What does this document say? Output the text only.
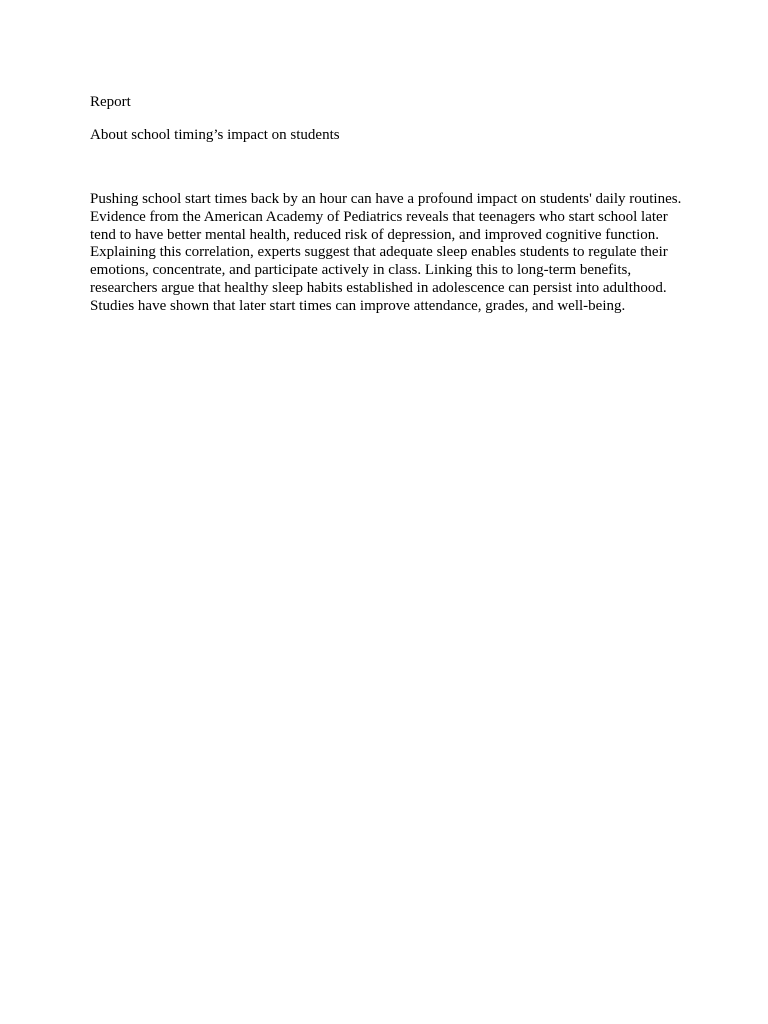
Report

About school timing’s impact on students

Pushing school start times back by an hour can have a profound impact on students' daily routines. Evidence from the American Academy of Pediatrics reveals that teenagers who start school later tend to have better mental health, reduced risk of depression, and improved cognitive function. Explaining this correlation, experts suggest that adequate sleep enables students to regulate their emotions, concentrate, and participate actively in class. Linking this to long-term benefits, researchers argue that healthy sleep habits established in adolescence can persist into adulthood. Studies have shown that later start times can improve attendance, grades, and well-being.
